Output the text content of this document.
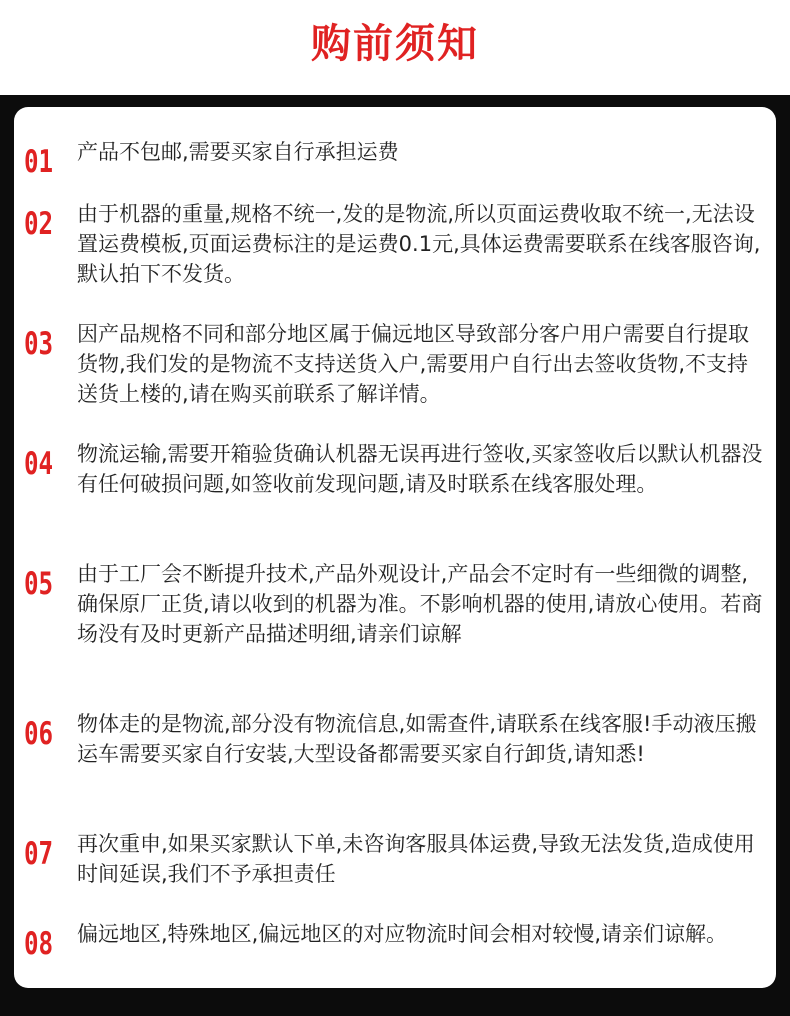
购前须知
01 产品不包邮,需要买家自行承担运费
02 由于机器的重量,规格不统一,发的是物流,所以页面运费收取不统一,无法设置运费模板,页面运费标注的是运费0.1元,具体运费需要联系在线客服咨询,默认拍下不发货。
03 因产品规格不同和部分地区属于偏远地区导致部分客户用户需要自行提取货物,我们发的是物流不支持送货入户,需要用户自行出去签收货物,不支持送货上楼的,请在购买前联系了解详情。
04 物流运输,需要开箱验货确认机器无误再进行签收,买家签收后以默认机器没有任何破损问题,如签收前发现问题,请及时联系在线客服处理。
05 由于工厂会不断提升技术,产品外观设计,产品会不定时有一些细微的调整,确保原厂正货,请以收到的机器为准。不影响机器的使用,请放心使用。若商场没有及时更新产品描述明细,请亲们谅解
06 物体走的是物流,部分没有物流信息,如需查件,请联系在线客服!手动液压搬运车需要买家自行安装,大型设备都需要买家自行卸货,请知悉!
07 再次重申,如果买家默认下单,未咨询客服具体运费,导致无法发货,造成使用时间延误,我们不予承担责任
08 偏远地区,特殊地区,偏远地区的对应物流时间会相对较慢,请亲们谅解。
